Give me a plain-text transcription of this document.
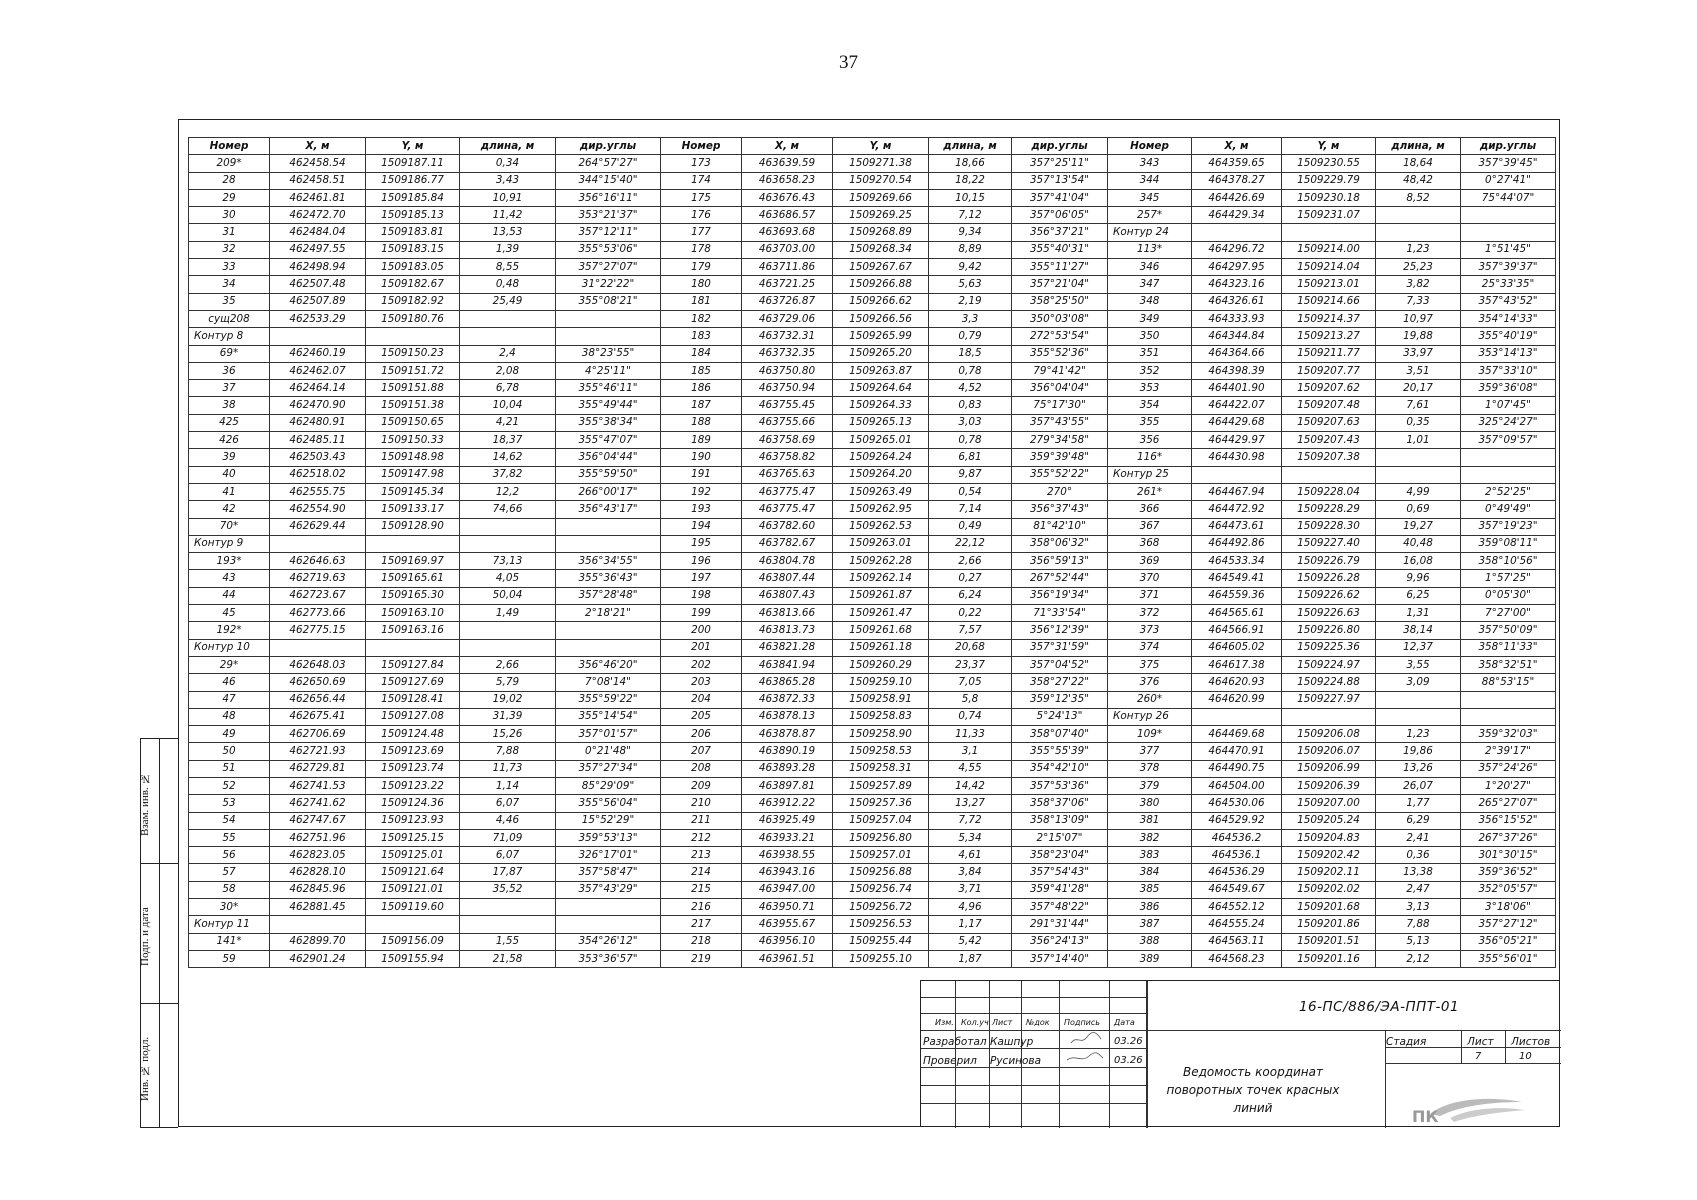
37
Взам. инв. №
Подп. и дата
Инв. № подл.
Номер	X, м	Y, м	длина, м	дир.углы	Номер	X, м	Y, м	длина, м	дир.углы	Номер	X, м	Y, м	длина, м	дир.углы
209*	462458.54	1509187.11	0,34	264°57'27"	173	463639.59	1509271.38	18,66	357°25'11"	343	464359.65	1509230.55	18,64	357°39'45"
28	462458.51	1509186.77	3,43	344°15'40"	174	463658.23	1509270.54	18,22	357°13'54"	344	464378.27	1509229.79	48,42	0°27'41"
29	462461.81	1509185.84	10,91	356°16'11"	175	463676.43	1509269.66	10,15	357°41'04"	345	464426.69	1509230.18	8,52	75°44'07"
30	462472.70	1509185.13	11,42	353°21'37"	176	463686.57	1509269.25	7,12	357°06'05"	257*	464429.34	1509231.07		
31	462484.04	1509183.81	13,53	357°12'11"	177	463693.68	1509268.89	9,34	356°37'21"	Контур 24				
32	462497.55	1509183.15	1,39	355°53'06"	178	463703.00	1509268.34	8,89	355°40'31"	113*	464296.72	1509214.00	1,23	1°51'45"
33	462498.94	1509183.05	8,55	357°27'07"	179	463711.86	1509267.67	9,42	355°11'27"	346	464297.95	1509214.04	25,23	357°39'37"
34	462507.48	1509182.67	0,48	31°22'22"	180	463721.25	1509266.88	5,63	357°21'04"	347	464323.16	1509213.01	3,82	25°33'35"
35	462507.89	1509182.92	25,49	355°08'21"	181	463726.87	1509266.62	2,19	358°25'50"	348	464326.61	1509214.66	7,33	357°43'52"
сущ208	462533.29	1509180.76			182	463729.06	1509266.56	3,3	350°03'08"	349	464333.93	1509214.37	10,97	354°14'33"
Контур 8					183	463732.31	1509265.99	0,79	272°53'54"	350	464344.84	1509213.27	19,88	355°40'19"
69*	462460.19	1509150.23	2,4	38°23'55"	184	463732.35	1509265.20	18,5	355°52'36"	351	464364.66	1509211.77	33,97	353°14'13"
36	462462.07	1509151.72	2,08	4°25'11"	185	463750.80	1509263.87	0,78	79°41'42"	352	464398.39	1509207.77	3,51	357°33'10"
37	462464.14	1509151.88	6,78	355°46'11"	186	463750.94	1509264.64	4,52	356°04'04"	353	464401.90	1509207.62	20,17	359°36'08"
38	462470.90	1509151.38	10,04	355°49'44"	187	463755.45	1509264.33	0,83	75°17'30"	354	464422.07	1509207.48	7,61	1°07'45"
425	462480.91	1509150.65	4,21	355°38'34"	188	463755.66	1509265.13	3,03	357°43'55"	355	464429.68	1509207.63	0,35	325°24'27"
426	462485.11	1509150.33	18,37	355°47'07"	189	463758.69	1509265.01	0,78	279°34'58"	356	464429.97	1509207.43	1,01	357°09'57"
39	462503.43	1509148.98	14,62	356°04'44"	190	463758.82	1509264.24	6,81	359°39'48"	116*	464430.98	1509207.38		
40	462518.02	1509147.98	37,82	355°59'50"	191	463765.63	1509264.20	9,87	355°52'22"	Контур 25				
41	462555.75	1509145.34	12,2	266°00'17"	192	463775.47	1509263.49	0,54	270°	261*	464467.94	1509228.04	4,99	2°52'25"
42	462554.90	1509133.17	74,66	356°43'17"	193	463775.47	1509262.95	7,14	356°37'43"	366	464472.92	1509228.29	0,69	0°49'49"
70*	462629.44	1509128.90			194	463782.60	1509262.53	0,49	81°42'10"	367	464473.61	1509228.30	19,27	357°19'23"
Контур 9					195	463782.67	1509263.01	22,12	358°06'32"	368	464492.86	1509227.40	40,48	359°08'11"
193*	462646.63	1509169.97	73,13	356°34'55"	196	463804.78	1509262.28	2,66	356°59'13"	369	464533.34	1509226.79	16,08	358°10'56"
43	462719.63	1509165.61	4,05	355°36'43"	197	463807.44	1509262.14	0,27	267°52'44"	370	464549.41	1509226.28	9,96	1°57'25"
44	462723.67	1509165.30	50,04	357°28'48"	198	463807.43	1509261.87	6,24	356°19'34"	371	464559.36	1509226.62	6,25	0°05'30"
45	462773.66	1509163.10	1,49	2°18'21"	199	463813.66	1509261.47	0,22	71°33'54"	372	464565.61	1509226.63	1,31	7°27'00"
192*	462775.15	1509163.16			200	463813.73	1509261.68	7,57	356°12'39"	373	464566.91	1509226.80	38,14	357°50'09"
Контур 10					201	463821.28	1509261.18	20,68	357°31'59"	374	464605.02	1509225.36	12,37	358°11'33"
29*	462648.03	1509127.84	2,66	356°46'20"	202	463841.94	1509260.29	23,37	357°04'52"	375	464617.38	1509224.97	3,55	358°32'51"
46	462650.69	1509127.69	5,79	7°08'14"	203	463865.28	1509259.10	7,05	358°27'22"	376	464620.93	1509224.88	3,09	88°53'15"
47	462656.44	1509128.41	19,02	355°59'22"	204	463872.33	1509258.91	5,8	359°12'35"	260*	464620.99	1509227.97		
48	462675.41	1509127.08	31,39	355°14'54"	205	463878.13	1509258.83	0,74	5°24'13"	Контур 26				
49	462706.69	1509124.48	15,26	357°01'57"	206	463878.87	1509258.90	11,33	358°07'40"	109*	464469.68	1509206.08	1,23	359°32'03"
50	462721.93	1509123.69	7,88	0°21'48"	207	463890.19	1509258.53	3,1	355°55'39"	377	464470.91	1509206.07	19,86	2°39'17"
51	462729.81	1509123.74	11,73	357°27'34"	208	463893.28	1509258.31	4,55	354°42'10"	378	464490.75	1509206.99	13,26	357°24'26"
52	462741.53	1509123.22	1,14	85°29'09"	209	463897.81	1509257.89	14,42	357°53'36"	379	464504.00	1509206.39	26,07	1°20'27"
53	462741.62	1509124.36	6,07	355°56'04"	210	463912.22	1509257.36	13,27	358°37'06"	380	464530.06	1509207.00	1,77	265°27'07"
54	462747.67	1509123.93	4,46	15°52'29"	211	463925.49	1509257.04	7,72	358°13'09"	381	464529.92	1509205.24	6,29	356°15'52"
55	462751.96	1509125.15	71,09	359°53'13"	212	463933.21	1509256.80	5,34	2°15'07"	382	464536.2	1509204.83	2,41	267°37'26"
56	462823.05	1509125.01	6,07	326°17'01"	213	463938.55	1509257.01	4,61	358°23'04"	383	464536.1	1509202.42	0,36	301°30'15"
57	462828.10	1509121.64	17,87	357°58'47"	214	463943.16	1509256.88	3,84	357°54'43"	384	464536.29	1509202.11	13,38	359°36'52"
58	462845.96	1509121.01	35,52	357°43'29"	215	463947.00	1509256.74	3,71	359°41'28"	385	464549.67	1509202.02	2,47	352°05'57"
30*	462881.45	1509119.60			216	463950.71	1509256.72	4,96	357°48'22"	386	464552.12	1509201.68	3,13	3°18'06"
Контур 11					217	463955.67	1509256.53	1,17	291°31'44"	387	464555.24	1509201.86	7,88	357°27'12"
141*	462899.70	1509156.09	1,55	354°26'12"	218	463956.10	1509255.44	5,42	356°24'13"	388	464563.11	1509201.51	5,13	356°05'21"
59	462901.24	1509155.94	21,58	353°36'57"	219	463961.51	1509255.10	1,87	357°14'40"	389	464568.23	1509201.16	2,12	355°56'01"
Изм. Кол.уч Лист №док Подпись Дата
Разработал Кашпур	03.26
Проверил Русинова	03.26
16-ПС/886/ЭА-ППТ-01
Ведомость координат поворотных точек красных линий
Стадия	Лист Листов
7	10
ПК
